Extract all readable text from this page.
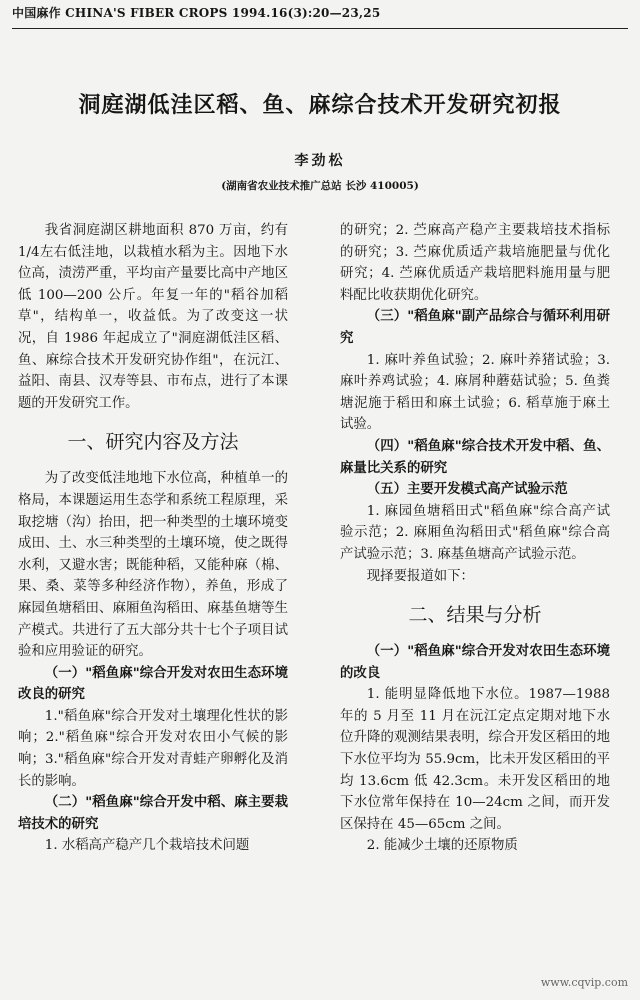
中国麻作 CHINA'S FIBER CROPS 1994.16(3):20—23,25
洞庭湖低洼区稻、鱼、麻综合技术开发研究初报
李劲松
(湖南省农业技术推广总站 长沙 410005)

我省洞庭湖区耕地面积 870 万亩，约有1/4左右低洼地，以栽植水稻为主。因地下水位高，渍涝严重，平均亩产量要比高中产地区低 100—200 公斤。年复一年的"稻谷加稻草"，结构单一，收益低。为了改变这一状况，自 1986 年起成立了"洞庭湖低洼区稻、鱼、麻综合技术开发研究协作组"，在沅江、益阳、南县、汉寿等县、市布点，进行了本课题的开发研究工作。

一、研究内容及方法

为了改变低洼地地下水位高，种植单一的格局，本课题运用生态学和系统工程原理，采取挖塘（沟）抬田，把一种类型的土壤环境变成田、土、水三种类型的土壤环境，使之既得水利，又避水害；既能种稻，又能种麻（棉、果、桑、菜等多种经济作物），养鱼，形成了麻园鱼塘稻田、麻厢鱼沟稻田、麻基鱼塘等生产模式。共进行了五大部分共十七个子项目试验和应用验证的研究。

（一）"稻鱼麻"综合开发对农田生态环境改良的研究

1."稻鱼麻"综合开发对土壤理化性状的影响；2."稻鱼麻"综合开发对农田小气候的影响；3."稻鱼麻"综合开发对青蛙产卵孵化及消长的影响。

（二）"稻鱼麻"综合开发中稻、麻主要栽培技术的研究

1. 水稻高产稳产几个栽培技术问题

的研究；2. 苎麻高产稳产主要栽培技术指标的研究；3. 苎麻优质适产栽培施肥量与优化研究；4. 苎麻优质适产栽培肥料施用量与肥料配比收获期优化研究。

（三）"稻鱼麻"副产品综合与循环利用研究

1. 麻叶养鱼试验；2. 麻叶养猪试验；3. 麻叶养鸡试验；4. 麻屑种蘑菇试验；5. 鱼粪塘泥施于稻田和麻土试验；6. 稻草施于麻土试验。

（四）"稻鱼麻"综合技术开发中稻、鱼、麻量比关系的研究

（五）主要开发模式高产试验示范

1. 麻园鱼塘稻田式"稻鱼麻"综合高产试验示范；2. 麻厢鱼沟稻田式"稻鱼麻"综合高产试验示范；3. 麻基鱼塘高产试验示范。

现择要报道如下：

二、结果与分析

（一）"稻鱼麻"综合开发对农田生态环境的改良

1. 能明显降低地下水位。1987—1988 年的 5 月至 11 月在沅江定点定期对地下水位升降的观测结果表明，综合开发区稻田的地下水位平均为 55.9cm，比未开发区稻田的平均 13.6cm 低 42.3cm。未开发区稻田的地下水位常年保持在 10—24cm 之间，而开发区保持在 45—65cm 之间。

2. 能减少土壤的还原物质

www.cqvip.com
